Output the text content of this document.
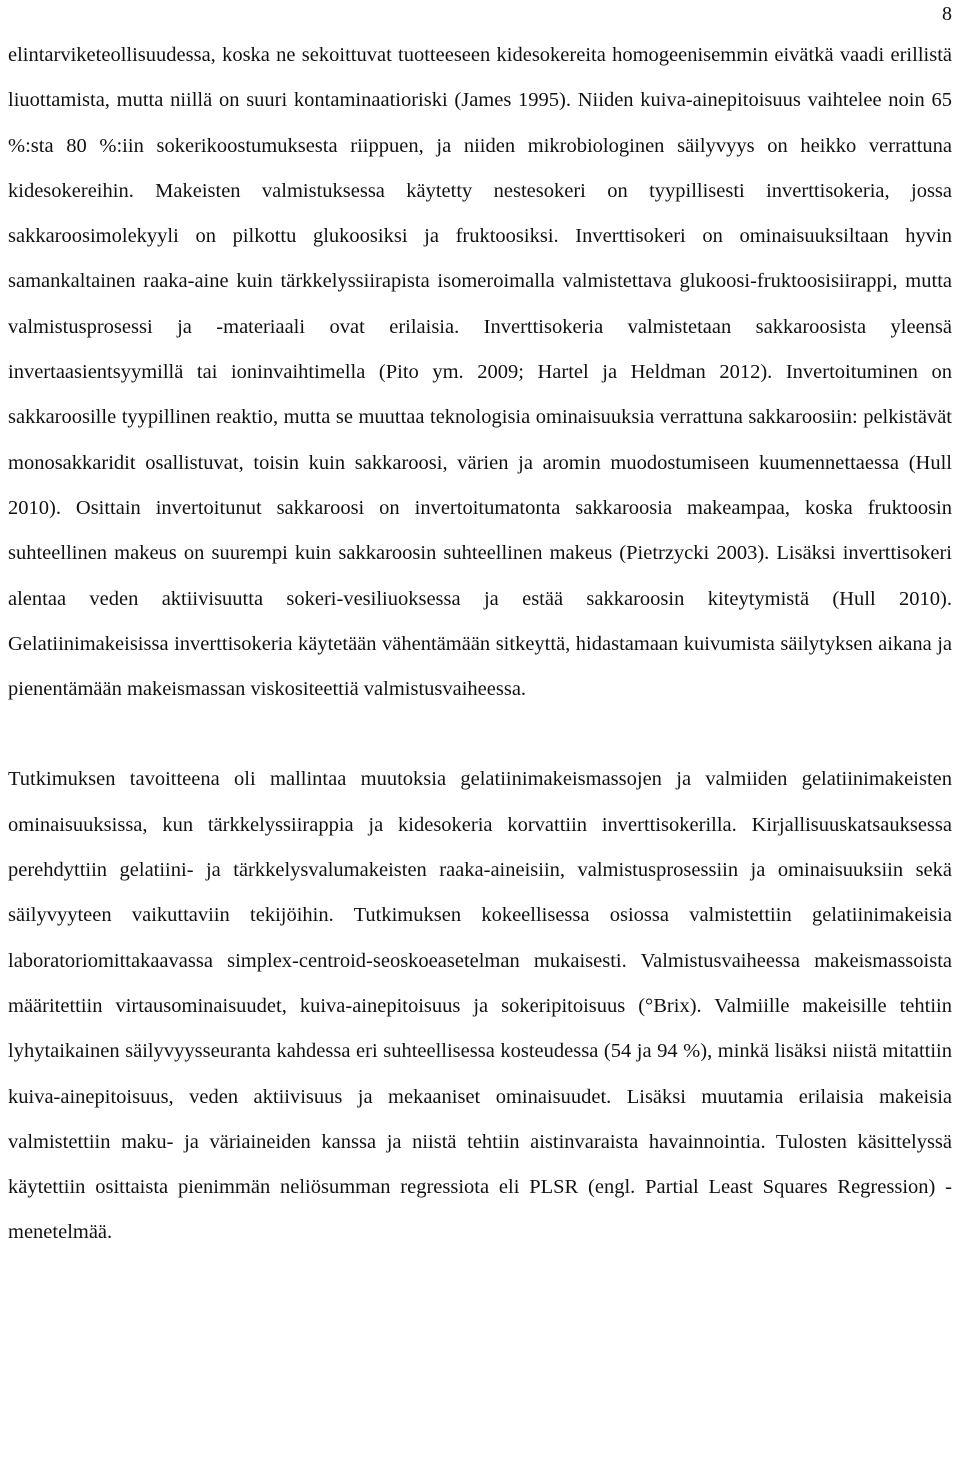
8

elintarviketeollisuudessa, koska ne sekoittuvat tuotteeseen kidesokereita homogeenisemmin eivätkä vaadi erillistä liuottamista, mutta niillä on suuri kontaminaatioriski (James 1995). Niiden kuiva-ainepitoisuus vaihtelee noin 65 %:sta 80 %:iin sokerikoostumuksesta riippuen, ja niiden mikrobiologinen säilyvyys on heikko verrattuna kidesokereihin. Makeisten valmistuksessa käytetty nestesokeri on tyypillisesti inverttisokeria, jossa sakkaroosimolekyyli on pilkottu glukoosiksi ja fruktoosiksi. Inverttisokeri on ominaisuuksiltaan hyvin samankaltainen raaka-aine kuin tärkkelyssiirapista isomeroimalla valmistettava glukoosi-fruktoosisiirappi, mutta valmistusprosessi ja -materiaali ovat erilaisia. Inverttisokeria valmistetaan sakkaroosista yleensä invertaasientsyymillä tai ioninvaihtimella (Pito ym. 2009; Hartel ja Heldman 2012). Invertoituminen on sakkaroosille tyypillinen reaktio, mutta se muuttaa teknologisia ominaisuuksia verrattuna sakkaroosiin: pelkistävät monosakkaridit osallistuvat, toisin kuin sakkaroosi, värien ja aromin muodostumiseen kuumennettaessa (Hull 2010). Osittain invertoitunut sakkaroosi on invertoitumatonta sakkaroosia makeampaa, koska fruktoosin suhteellinen makeus on suurempi kuin sakkaroosin suhteellinen makeus (Pietrzycki 2003). Lisäksi inverttisokeri alentaa veden aktiivisuutta sokeri-vesiliuoksessa ja estää sakkaroosin kiteytymistä (Hull 2010). Gelatiinimakeisissa inverttisokeria käytetään vähentämään sitkeyttä, hidastamaan kuivumista säilytyksen aikana ja pienentämään makeismassan viskositeettiä valmistusvaiheessa.

Tutkimuksen tavoitteena oli mallintaa muutoksia gelatiinimakeismassojen ja valmiiden gelatiinimakeisten ominaisuuksissa, kun tärkkelyssiirappia ja kidesokeria korvattiin inverttisokerilla. Kirjallisuuskatsauksessa perehdyttiin gelatiini- ja tärkkelysvalumakeisten raaka-aineisiin, valmistusprosessiin ja ominaisuuksiin sekä säilyvyyteen vaikuttaviin tekijöihin. Tutkimuksen kokeellisessa osiossa valmistettiin gelatiinimakeisia laboratoriomittakaavassa simplex-centroid-seoskoeasetelman mukaisesti. Valmistusvaiheessa makeismassoista määritettiin virtausominaisuudet, kuiva-ainepitoisuus ja sokeripitoisuus (°Brix). Valmiille makeisille tehtiin lyhytaikainen säilyvyysseuranta kahdessa eri suhteellisessa kosteudessa (54 ja 94 %), minkä lisäksi niistä mitattiin kuiva-ainepitoisuus, veden aktiivisuus ja mekaaniset ominaisuudet. Lisäksi muutamia erilaisia makeisia valmistettiin maku- ja väriaineiden kanssa ja niistä tehtiin aistinvaraista havainnointia. Tulosten käsittelyssä käytettiin osittaista pienimmän neliösumman regressiota eli PLSR (engl. Partial Least Squares Regression) -menetelmää.
